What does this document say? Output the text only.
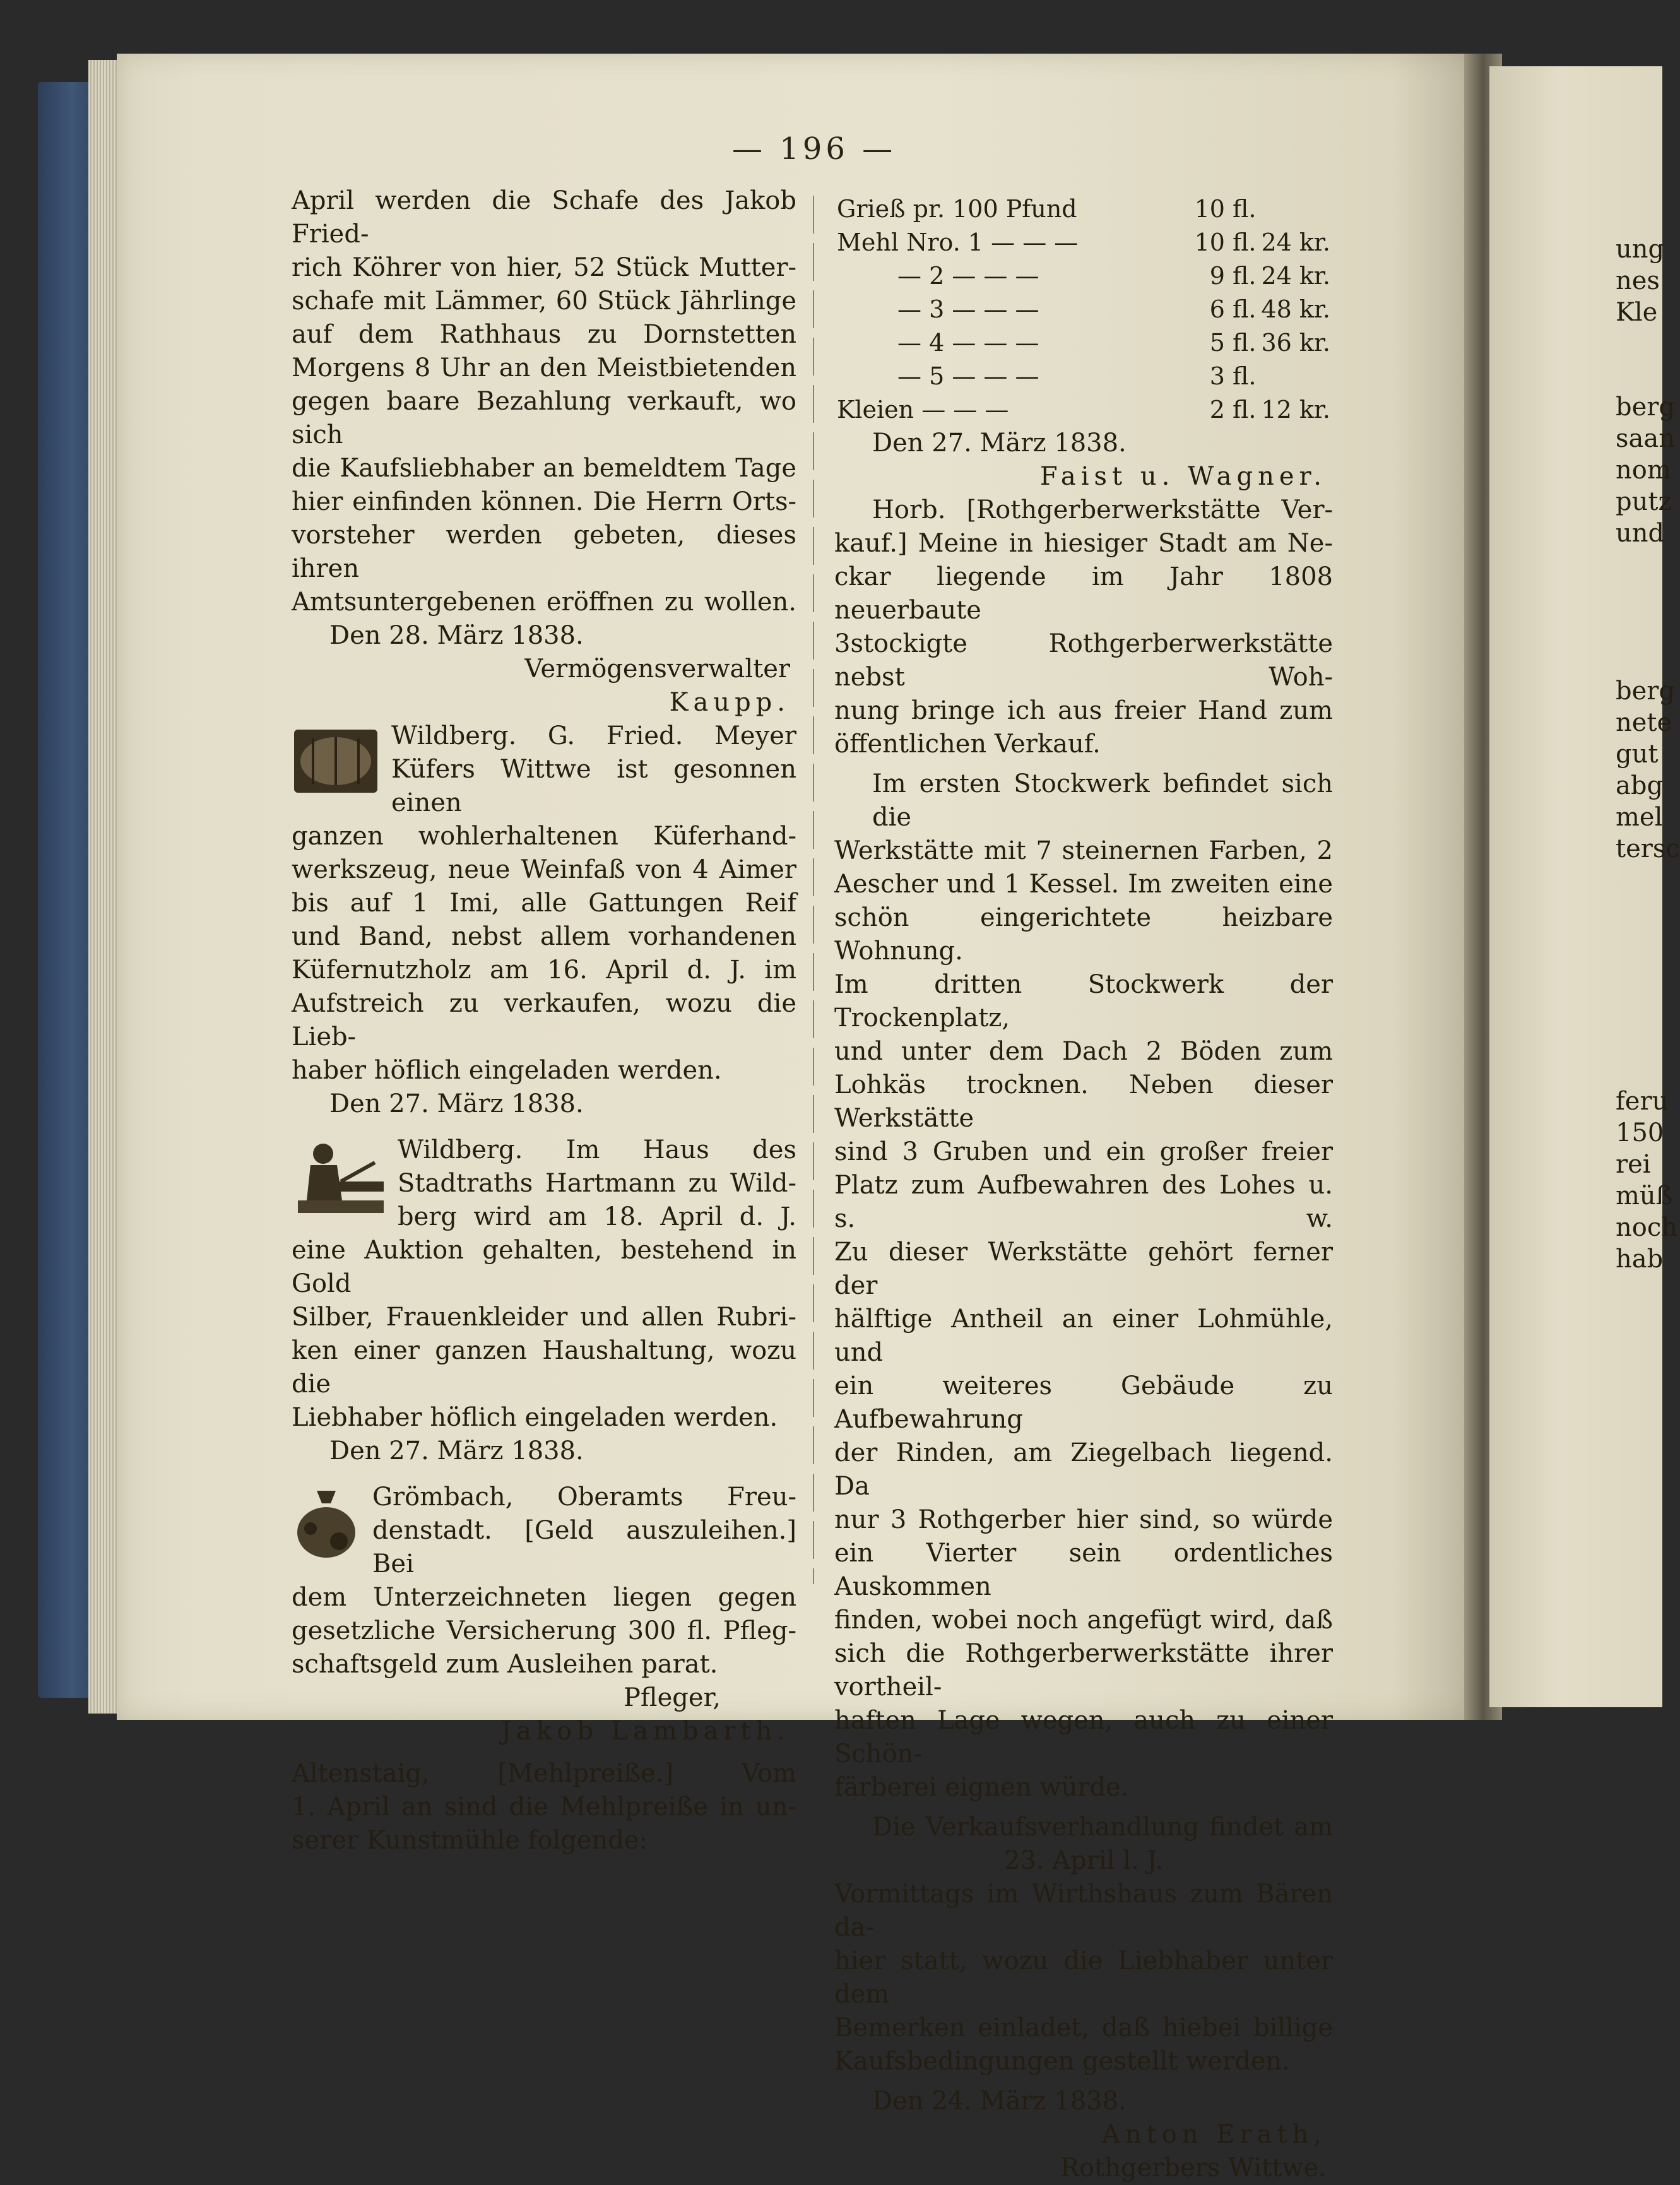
— 196 —

April werden die Schafe des Jakob Fried-

rich Köhrer von hier, 52 Stück Mutter-

schafe mit Lämmer, 60 Stück Jährlinge

auf dem Rathhaus zu Dornstetten

Morgens 8 Uhr an den Meistbietenden

gegen baare Bezahlung verkauft, wo sich

die Kaufsliebhaber an bemeldtem Tage

hier einfinden können. Die Herrn Orts-

vorsteher werden gebeten, dieses ihren

Amtsuntergebenen eröffnen zu wollen.

Den 28. März 1838.

Vermögensverwalter

Kaupp.

Wildberg. G. Fried. Meyer

Küfers Wittwe ist gesonnen einen

ganzen wohlerhaltenen Küferhand-

werkszeug, neue Weinfaß von 4 Aimer

bis auf 1 Imi, alle Gattungen Reif

und Band, nebst allem vorhandenen

Küfernutzholz am 16. April d. J. im

Aufstreich zu verkaufen, wozu die Lieb-

haber höflich eingeladen werden.

Den 27. März 1838.

Wildberg. Im Haus des

Stadtraths Hartmann zu Wild-

berg wird am 18. April d. J.

eine Auktion gehalten, bestehend in Gold

Silber, Frauenkleider und allen Rubri-

ken einer ganzen Haushaltung, wozu die

Liebhaber höflich eingeladen werden.

Den 27. März 1838.

Grömbach, Oberamts Freu-

denstadt. [Geld auszuleihen.] Bei

dem Unterzeichneten liegen gegen

gesetzliche Versicherung 300 fl. Pfleg-

schaftsgeld zum Ausleihen parat.

Pfleger,

Jakob Lambarth.

Altenstaig, [Mehlpreiße.] Vom

1. April an sind die Mehlpreiße in un-

serer Kunstmühle folgende:

Grieß pr. 100 Pfund	10 fl.	
Mehl Nro. 1 — — —	10 fl.	24 kr.
— 2 — — —	9 fl.	24 kr.
— 3 — — —	6 fl.	48 kr.
— 4 — — —	5 fl.	36 kr.
— 5 — — —	3 fl.	
Kleien — — —	2 fl.	12 kr.

Den 27. März 1838.

Faist u. Wagner.

Horb. [Rothgerberwerkstätte Ver-

kauf.] Meine in hiesiger Stadt am Ne-

ckar liegende im Jahr 1808 neuerbaute

3stockigte Rothgerberwerkstätte nebst Woh-

nung bringe ich aus freier Hand zum

öffentlichen Verkauf.

Im ersten Stockwerk befindet sich die

Werkstätte mit 7 steinernen Farben, 2

Aescher und 1 Kessel. Im zweiten eine

schön eingerichtete heizbare Wohnung.

Im dritten Stockwerk der Trockenplatz,

und unter dem Dach 2 Böden zum

Lohkäs trocknen. Neben dieser Werkstätte

sind 3 Gruben und ein großer freier

Platz zum Aufbewahren des Lohes u. s. w.

Zu dieser Werkstätte gehört ferner der

hälftige Antheil an einer Lohmühle, und

ein weiteres Gebäude zu Aufbewahrung

der Rinden, am Ziegelbach liegend. Da

nur 3 Rothgerber hier sind, so würde

ein Vierter sein ordentliches Auskommen

finden, wobei noch angefügt wird, daß

sich die Rothgerberwerkstätte ihrer vortheil-

haften Lage wegen, auch zu einer Schön-

färberei eignen würde.

Die Verkaufsverhandlung findet am

23. April l. J.

Vormittags im Wirthshaus zum Bären da-

hier statt, wozu die Liebhaber unter dem

Bemerken einladet, daß hiebei billige

Kaufsbedingungen gestellt werden.

Den 24. März 1838.

Anton Erath,

Rothgerbers Wittwe.

ung
nes
Kle
berg
saan
nom
putz
und
berg
nete
gut
abg
mel
tersc
feru
150
rei
müß
noch
hab
